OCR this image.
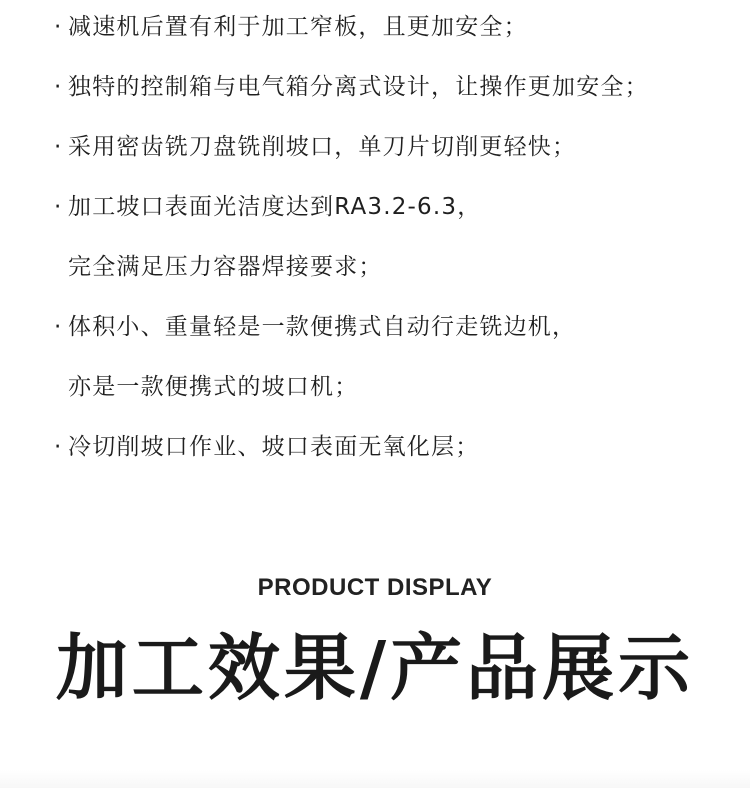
· 减速机后置有利于加工窄板，且更加安全；
· 独特的控制箱与电气箱分离式设计，让操作更加安全；
· 采用密齿铣刀盘铣削坡口，单刀片切削更轻快；
· 加工坡口表面光洁度达到RA3.2-6.3，
完全满足压力容器焊接要求；
· 体积小、重量轻是一款便携式自动行走铣边机，
亦是一款便携式的坡口机；
· 冷切削坡口作业、坡口表面无氧化层；
PRODUCT DISPLAY
加工效果/产品展示
